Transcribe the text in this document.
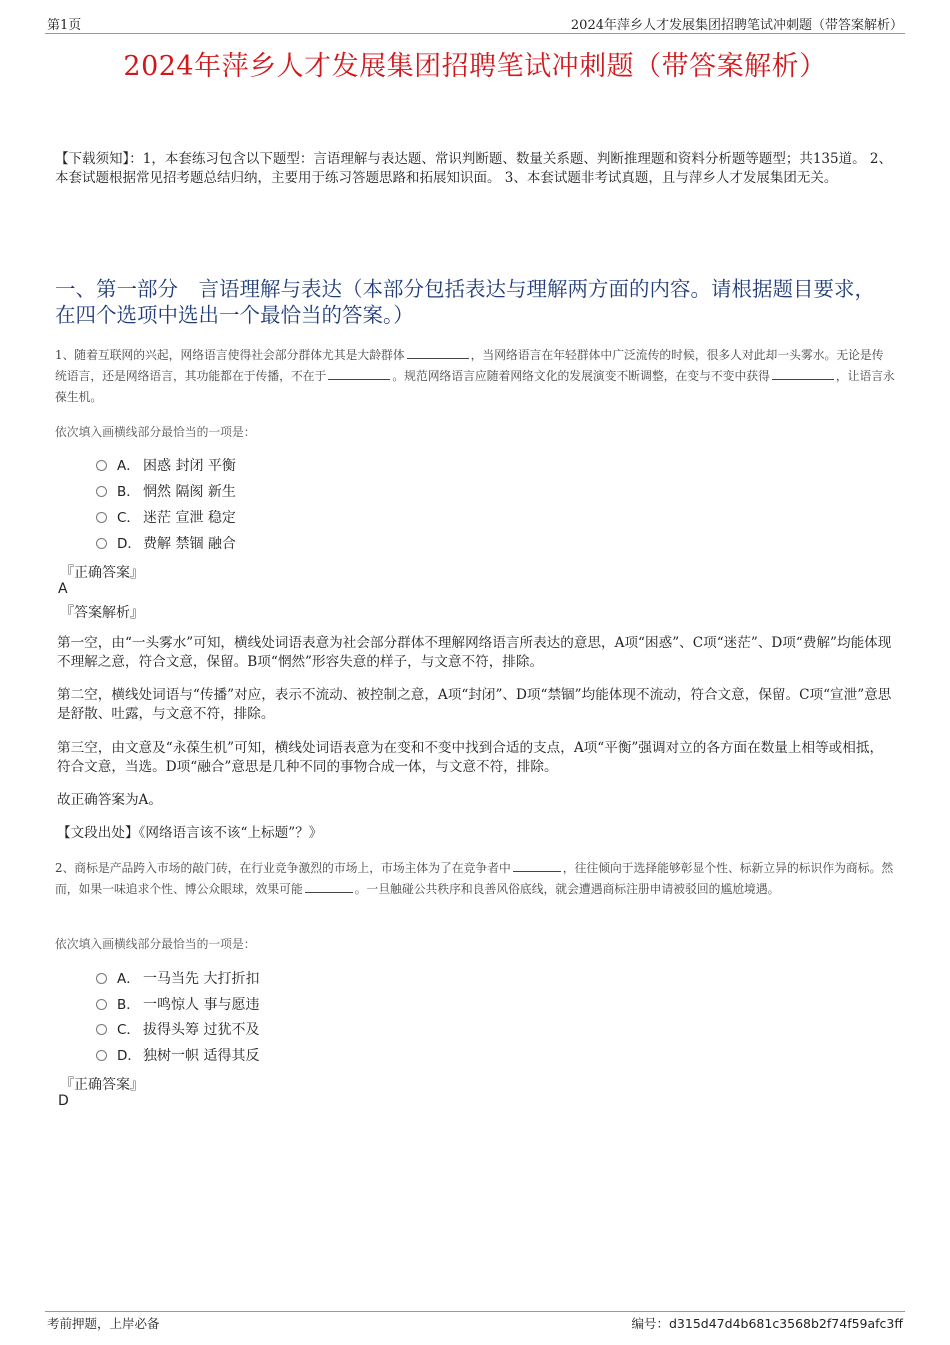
第1页	2024年萍乡人才发展集团招聘笔试冲刺题（带答案解析）
2024年萍乡人才发展集团招聘笔试冲刺题（带答案解析）
【下载须知】：1，本套练习包含以下题型：言语理解与表达题、常识判断题、数量关系题、判断推理题和资料分析题等题型；共135道。 2、本套试题根据常见招考题总结归纳，主要用于练习答题思路和拓展知识面。 3、本套试题非考试真题，且与萍乡人才发展集团无关。
一、第一部分　言语理解与表达（本部分包括表达与理解两方面的内容。请根据题目要求，在四个选项中选出一个最恰当的答案。）
1、随着互联网的兴起，网络语言使得社会部分群体尤其是大龄群体	，当网络语言在年轻群体中广泛流传的时候，很多人对此却一头雾水。无论是传统语言，还是网络语言，其功能都在于传播，不在于	。规范网络语言应随着网络文化的发展演变不断调整，在变与不变中获得	，让语言永葆生机。
依次填入画横线部分最恰当的一项是：
A． 困惑 封闭 平衡
B． 惘然 隔阂 新生
C． 迷茫 宣泄 稳定
D． 费解 禁锢 融合
『正确答案』
A
『答案解析』
第一空，由“一头雾水”可知，横线处词语表意为社会部分群体不理解网络语言所表达的意思，A项“困惑”、C项“迷茫”、D项“费解”均能体现不理解之意，符合文意，保留。B项“惘然”形容失意的样子，与文意不符，排除。
第二空，横线处词语与“传播”对应，表示不流动、被控制之意，A项“封闭”、D项“禁锢”均能体现不流动，符合文意，保留。C项“宣泄”意思是舒散、吐露，与文意不符，排除。
第三空，由文意及“永葆生机”可知，横线处词语表意为在变和不变中找到合适的支点，A项“平衡”强调对立的各方面在数量上相等或相抵，符合文意，当选。D项“融合”意思是几种不同的事物合成一体，与文意不符，排除。
故正确答案为A。
【文段出处】《网络语言该不该“上标题”？》
2、商标是产品跨入市场的敲门砖，在行业竞争激烈的市场上，市场主体为了在竞争者中	，往往倾向于选择能够彰显个性、标新立异的标识作为商标。然而，如果一味追求个性、博公众眼球，效果可能	。一旦触碰公共秩序和良善风俗底线，就会遭遇商标注册申请被驳回的尴尬境遇。
依次填入画横线部分最恰当的一项是：
A． 一马当先 大打折扣
B． 一鸣惊人 事与愿违
C． 拔得头筹 过犹不及
D． 独树一帜 适得其反
『正确答案』
D
考前押题，上岸必备	编号：d315d47d4b681c3568b2f74f59afc3ff
